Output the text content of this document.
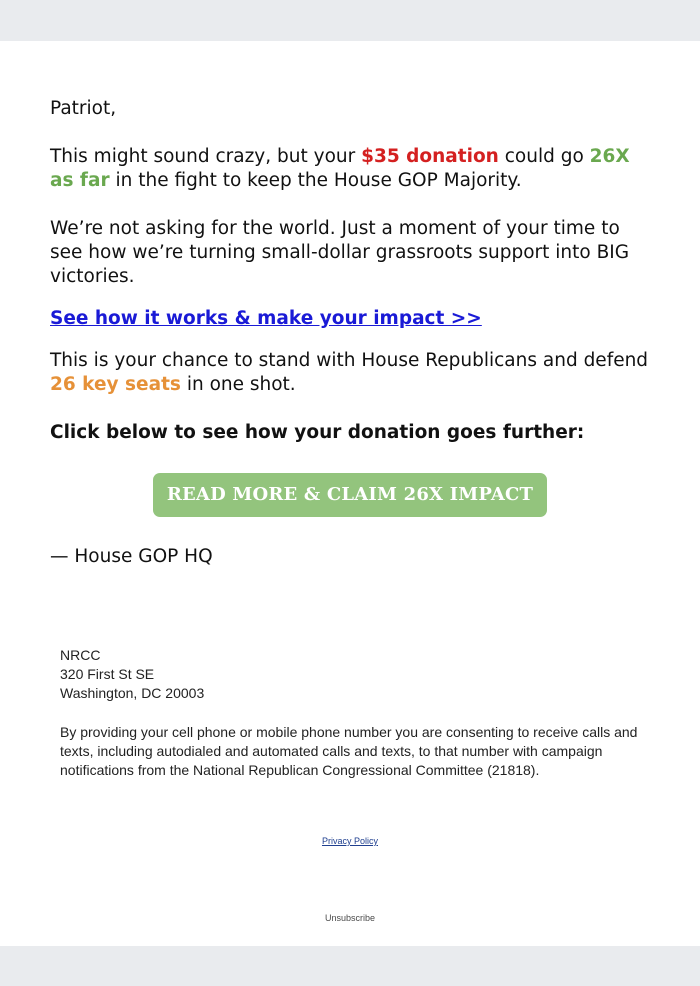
Patriot,
This might sound crazy, but your $35 donation could go 26X as far in the fight to keep the House GOP Majority.
We’re not asking for the world. Just a moment of your time to see how we’re turning small-dollar grassroots support into BIG victories.
See how it works & make your impact >>
This is your chance to stand with House Republicans and defend 26 key seats in one shot.
Click below to see how your donation goes further:
READ MORE & CLAIM 26X IMPACT
— House GOP HQ
NRCC
320 First St SE
Washington, DC 20003
By providing your cell phone or mobile phone number you are consenting to receive calls and texts, including autodialed and automated calls and texts, to that number with campaign notifications from the National Republican Congressional Committee (21818).
Privacy Policy
Unsubscribe
